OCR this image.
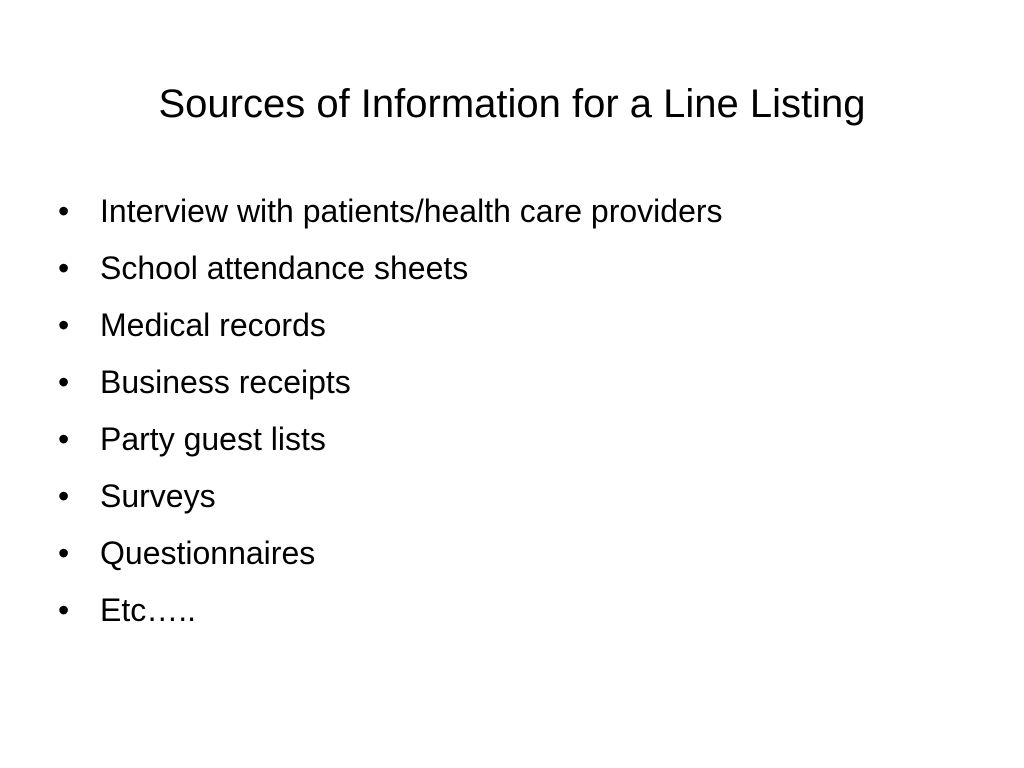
Sources of Information for a Line Listing
• Interview with patients/health care providers
• School attendance sheets
• Medical records
• Business receipts
• Party guest lists
• Surveys
• Questionnaires
• Etc…..
